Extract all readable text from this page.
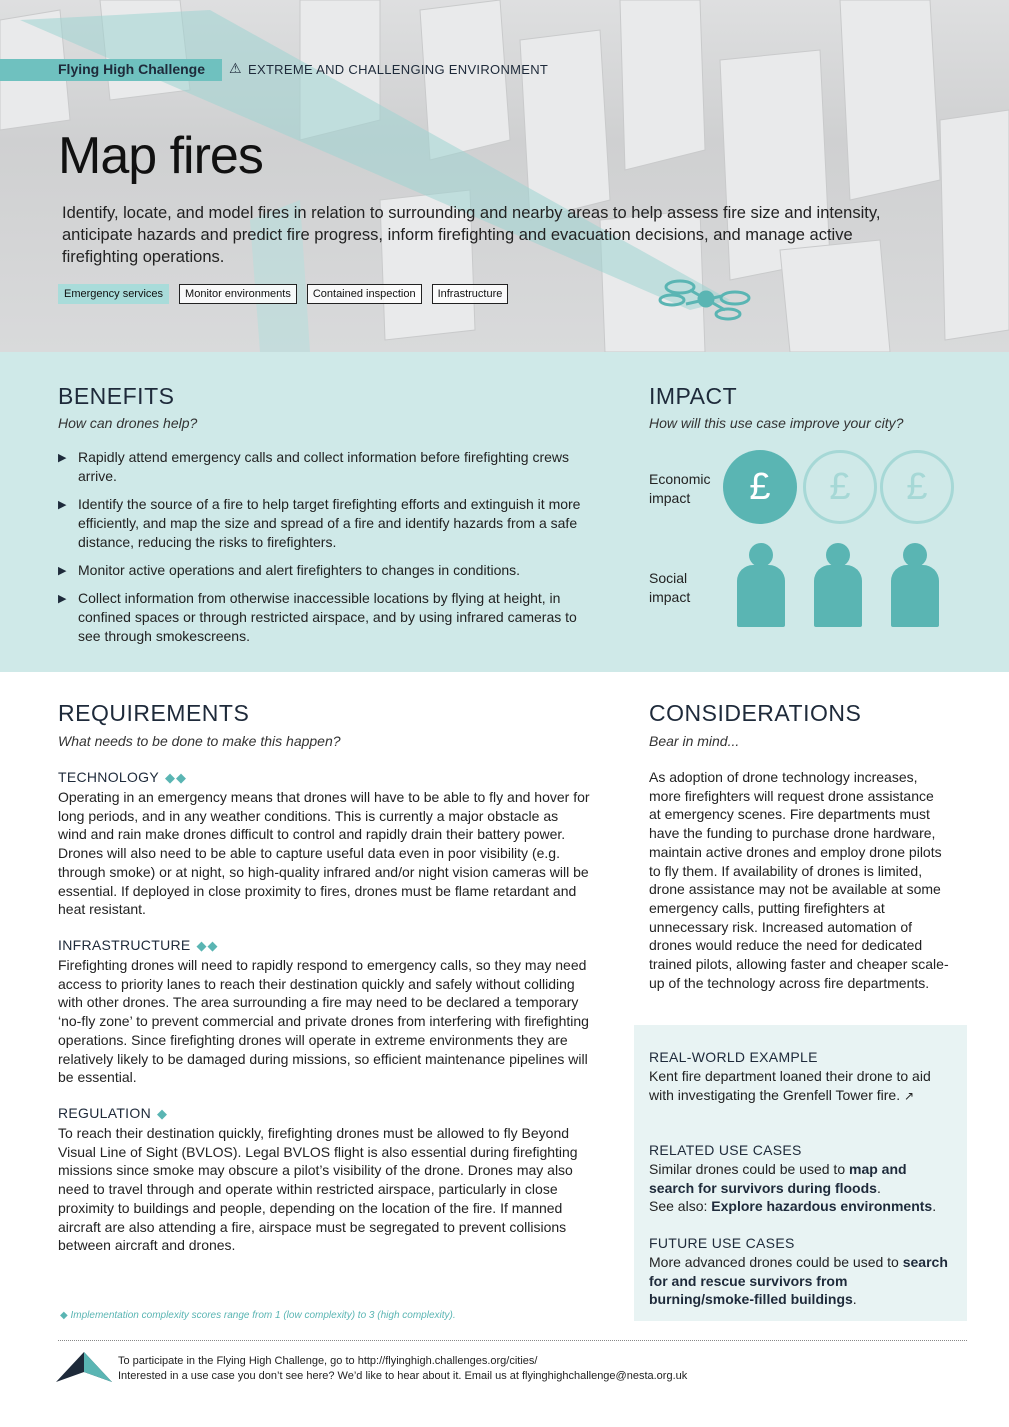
Flying High Challenge ⚠ EXTREME AND CHALLENGING ENVIRONMENT
Map fires

Identify, locate, and model fires in relation to surrounding and nearby areas to help assess fire size and intensity, anticipate hazards and predict fire progress, inform firefighting and evacuation decisions, and manage active firefighting operations.

Emergency services	Monitor environments	Contained inspection	Infrastructure
BENEFITS
How can drones help?
▶ Rapidly attend emergency calls and collect information before firefighting crews arrive.
▶ Identify the source of a fire to help target firefighting efforts and extinguish it more efficiently, and map the size and spread of a fire and identify hazards from a safe distance, reducing the risks to firefighters.
▶ Monitor active operations and alert firefighters to changes in conditions.
▶ Collect information from otherwise inaccessible locations by flying at height, in confined spaces or through restricted airspace, and by using infrared cameras to see through smokescreens.
IMPACT
How will this use case improve your city?
Economic
impact	£ £ £
Social
impact
REQUIREMENTS
What needs to be done to make this happen?
TECHNOLOGY ◆◆

Operating in an emergency means that drones will have to be able to fly and hover for long periods, and in any weather conditions. This is currently a major obstacle as wind and rain make drones difficult to control and rapidly drain their battery power. Drones will also need to be able to capture useful data even in poor visibility (e.g. through smoke) or at night, so high-quality infrared and/or night vision cameras will be essential. If deployed in close proximity to fires, drones must be flame retardant and heat resistant.

INFRASTRUCTURE ◆◆

Firefighting drones will need to rapidly respond to emergency calls, so they may need access to priority lanes to reach their destination quickly and safely without colliding with other drones. The area surrounding a fire may need to be declared a temporary ‘no-fly zone’ to prevent commercial and private drones from interfering with firefighting operations. Since firefighting drones will operate in extreme environments they are relatively likely to be damaged during missions, so efficient maintenance pipelines will be essential.

REGULATION ◆

To reach their destination quickly, firefighting drones must be allowed to fly Beyond Visual Line of Sight (BVLOS). Legal BVLOS flight is also essential during firefighting missions since smoke may obscure a pilot’s visibility of the drone. Drones may also need to travel through and operate within restricted airspace, particularly in close proximity to buildings and people, depending on the location of the fire. If manned aircraft are also attending a fire, airspace must be segregated to prevent collisions between aircraft and drones.

CONSIDERATIONS
Bear in mind...

As adoption of drone technology increases, more firefighters will request drone assistance at emergency scenes. Fire departments must have the funding to purchase drone hardware, maintain active drones and employ drone pilots to fly them. If availability of drones is limited, drone assistance may not be available at some emergency calls, putting firefighters at unnecessary risk. Increased automation of drones would reduce the need for dedicated trained pilots, allowing faster and cheaper scale-up of the technology across fire departments.

REAL-WORLD EXAMPLE

Kent fire department loaned their drone to aid with investigating the Grenfell Tower fire. ↗

RELATED USE CASES

Similar drones could be used to map and search for survivors during floods.
See also: Explore hazardous environments.

FUTURE USE CASES

More advanced drones could be used to search for and rescue survivors from burning/smoke-filled buildings.

◆ Implementation complexity scores range from 1 (low complexity) to 3 (high complexity).
To participate in the Flying High Challenge, go to http://flyinghigh.challenges.org/cities/
Interested in a use case you don’t see here? We’d like to hear about it. Email us at flyinghighchallenge@nesta.org.uk
